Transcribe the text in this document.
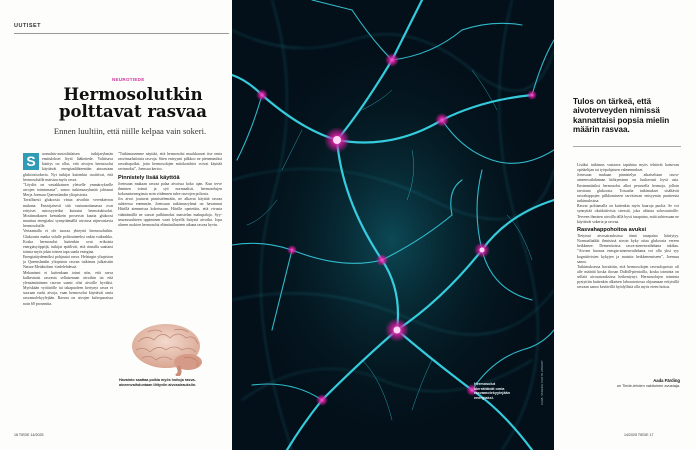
UUTISET
NEUROTIEDE
Hermosolutkin polttavat rasvaa
Ennen luultiin, että niille kelpaa vain sokeri.
S	uomalais-australialaisen tutkijaryhmän ensitulokset löytö lääketiede. Valiitsava käsitys on ollut, että aivojen hermosolut käyttävät energianlähteenään ainoastaan glukoosisokeria. Nyt tutkijat kuitenkin osoittivat, että hermosoluille maistuu myös rasva.

”Löydös on vastakkainen yleiselle ymmärrykselle aivojen toiminnasta”, sanoo tutkimusryhmää johtanut Merja Joensuu Queenslandin yliopistosta.

Tavallisesti glukoosia virtaa aivoihin verenkierron mukana. Ensisijaisesti sitä vastaanottamassa ovat erityiset astrosyyteiksi kutsutut hermotukisolut. Mostimatkasen kemiskein prosessin kautta glukoosi muuttuu energiaksi synnyttämällä aivoissa nijmvastavia hermosoluille.

Vertaamalla ei ole suoraa yhteyttä hermosoluihin. Glukoosin matka solulle polttoaineeksi onkin vaikeahko. Koska hermosolut kuitenkin ovat erikoisia energiasyöppöjä, tutkijat epäilivät, että rinnalla saattaisi toimia myös jokin toinen tapa saada energiaa.

Energiatäydennöksi pohjautui rasva. Helsingin yliopiston ja Queenslandin yliopiston rasvan tutkimus julkaistiin Nature Metabolism -tiedelehdessä.

Mekanismi ei kuitenkaan toimi niin, että rasva kulkeutuisi rasvasta sellaisenaan aivoihin tai että ylensämärämen rasvan saanti olisi aivoille hyväksi. Myöskään vyötärölle tai takapuoleen kertynyt rasva ei suoraan ruoki aivoja, vaan hermosolut käyttävät omia rasvamolekyylejään. Rasvaa on aivojen kalvoparaissa noin 60 prosenttia.

”Tutkimusemme näyttää, että hermosolut muokkaavat itse omia rasvimurhaloista rasvoja. Siten entsyymi pilkkoo ne pienemmiksi rasvahapoiksi, joita hermosolujen mitokondriot voivat käyttää ravinnoksi”, Joensuu kertoo.

Pinnistely lisää käyttöä

Joensuun mukaan rasvaa palaa aivoissa koko ajan. Kun terve ihminen toimii ja syö normaalisti, hermosolujen kokonaisenergiasta noin viidennen tulee rasvojen poltosta.

Jos aivot joutuvat pinnistelemään, ne alkavat käyttää rasvaa suhteessa enemmän. Joensuun tutkimusryhmä on havainnut Hiirillä aiemmissa kokeissaan. Hiirille opetettiin, että vivusta vääntämällä ne saavat palkinnoksi maistelan makupaloja. Syy-seuraussuhteen oppiminen vaati lyhyellä lisäystä aivoilta. Jopa alueen ruokien hermosolut elämäntilanteen aikana rasvaa hyvin.

Havainto saattaa poikia myös hoitoja rasva-aineenvaihduntaan liittyviin aivosairauksiin.	Hermosolut kierrättävät omia rasvamolekyylejään energiaksi.	KUVA: SCIENCE PHOTO LIBRARY
Tulos on tärkeä, että aivoterveyden nimissä kannattaisi popsia mielin määrin rasvaa.

Lisäksi tutkimus vastaava tapahtuu myös tehtävät katsovan opiskelijan tai työpohjaisen valmennukset.

Joensuun mukaan pinnistelyn aikaiseltaan rasva-aineenvaihdunnan kiihtyminen on luultavasti hyvä asia. Ensimmäisiksi hermosolut alkoi perustella hermoja, jolloin tarvitaan glukoosia. Toisaalta tutkimukset sisältävät rasvahappojen pilkkomiseen tarvittavan entsyymin puutteesta tutkimuksissa.

Rasvat polttamalla on kuitenkin myös haaroja puolia. Se voi synnyttää oksidatiivista stressiä, joka altistaa soluvaurioille. Terveen ihmisen aivoilla tällä hyvä tasapaino, mitä suhtessaan ne käyttävät sokeria ja rasvaa.

Rasvahappohoitoa avuksi

Tietyissä aivosairauksissa tämä tasapaino häiriytyy. Normaaliaikki ihmisissä aivoin kyky ottaa glukoosia vereen heikkenee. Dementioissa rasva-aineenvaihdunta tukikas. ”Aivoen huonoa energia-aineenvaihdunta voi olla yksi syy kognitiivisten kykyjen ja muistin heikkenemiseen”, Joensuu sanoo.

Tutkimuksessa havaittiin, että hermosolujen rasvaolopoisto oli alle määrää koska ihosan Dalbill-pientoilla, koska toiminta on sellaiä aivosairauksissa heikentynyt. Hermosolujen toiminta pystyttiin kuitenkin alkaisen laboratoriossa ohjaamaan erityisillä rasvaan sanoo kestävillä hyödyllistä olla myös eteen hoitoa.

Aada Färding
on Tiede-lehden vakituinen avustaja.
16 TIEDE 14/2025	14/2025 TIEDE 17
